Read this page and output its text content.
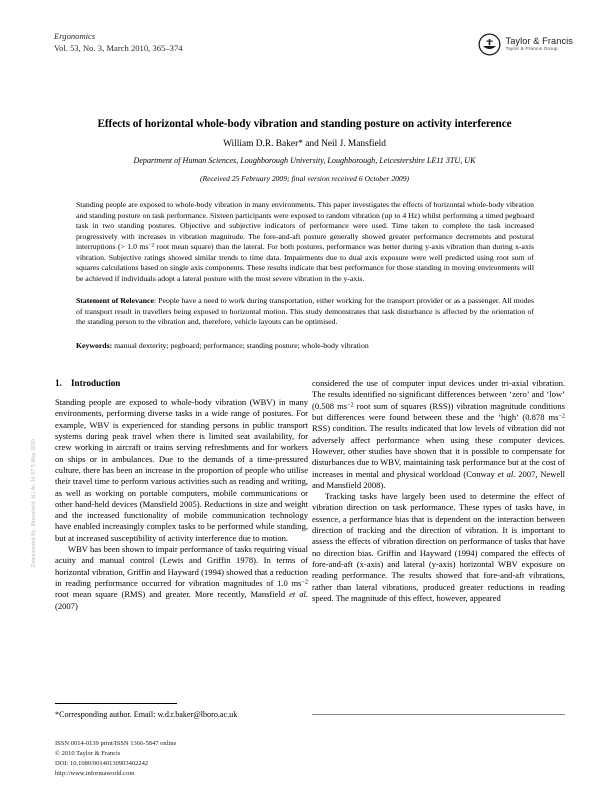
Downloaded By: [Mansfield, N.] At: 14:57 5 May 2010
Ergonomics
Vol. 53, No. 3, March 2010, 365–374
Taylor & Francis
Taylor & Francis Group
Effects of horizontal whole-body vibration and standing posture on activity interference
William D.R. Baker* and Neil J. Mansfield
Department of Human Sciences, Loughborough University, Loughborough, Leicestershire LE11 3TU, UK
(Received 25 February 2009; final version received 6 October 2009)

Standing people are exposed to whole-body vibration in many environments. This paper investigates the effects of horizontal whole-body vibration and standing posture on task performance. Sixteen participants were exposed to random vibration (up to 4 Hz) whilst performing a timed pegboard task in two standing postures. Objective and subjective indicators of performance were used. Time taken to complete the task increased progressively with increases in vibration magnitude. The fore-and-aft posture generally showed greater performance decrements and postural interruptions (> 1.0 $ms^{-2}$ root mean square) than the lateral. For both postures, performance was better during y-axis vibration than during x-axis vibration. Subjective ratings showed similar trends to time data. Impairments due to dual axis exposure were well predicted using root sum of squares calculations based on single axis components. These results indicate that best performance for those standing in moving environments will be achieved if individuals adopt a lateral posture with the most severe vibration in the y-axis.

Statement of Relevance: People have a need to work during transportation, either working for the transport provider or as a passenger. All modes of transport result in travellers being exposed to horizontal motion. This study demonstrates that task disturbance is affected by the orientation of the standing person to the vibration and, therefore, vehicle layouts can be optimised.

Keywords: manual dexterity; pegboard; performance; standing posture; whole-body vibration

1. Introduction

Standing people are exposed to whole-body vibration (WBV) in many environments, performing diverse tasks in a wide range of postures. For example, WBV is experienced for standing persons in public transport systems during peak travel when there is limited seat availability, for crew working in aircraft or trains serving refreshments and for workers on ships or in ambulances. Due to the demands of a time-pressured culture, there has been an increase in the proportion of people who utilise their travel time to perform various activities such as reading and writing, as well as working on portable computers, mobile communications or other hand-held devices (Mansfield 2005). Reductions in size and weight and the increased functionality of mobile communication technology have enabled increasingly complex tasks to be performed while standing, but at increased susceptibility of activity interference due to motion.

WBV has been shown to impair performance of tasks requiring visual acuity and manual control (Lewis and Griffin 1978). In terms of horizontal vibration, Griffin and Hayward (1994) showed that a reduction in reading performance occurred for vibration magnitudes of 1.0 $ms^{-2}$ root mean square (RMS) and greater. More recently, Mansfield et al. (2007)

considered the use of computer input devices under tri-axial vibration. The results identified no significant differences between ‘zero’ and ‘low’ (0.508 $ms^{-2}$ root sum of squares (RSS)) vibration magnitude conditions but differences were found between these and the ‘high’ (0.878 $ms^{-2}$ RSS) condition. The results indicated that low levels of vibration did not adversely affect performance when using these computer devices. However, other studies have shown that it is possible to compensate for disturbances due to WBV, maintaining task performance but at the cost of increases in mental and physical workload (Conway et al. 2007, Newell and Mansfield 2008).

Tracking tasks have largely been used to determine the effect of vibration direction on task performance. These types of tasks have, in essence, a performance bias that is dependent on the interaction between direction of tracking and the direction of vibration. It is important to assess the effects of vibration direction on performance of tasks that have no direction bias. Griffin and Hayward (1994) compared the effects of fore-and-aft (x-axis) and lateral (y-axis) horizontal WBV exposure on reading performance. The results showed that fore-and-aft vibrations, rather than lateral vibrations, produced greater reductions in reading speed. The magnitude of this effect, however, appeared

*Corresponding author. Email: w.d.r.baker@lboro.ac.uk
ISSN 0014-0139 print/ISSN 1366-5847 online
© 2010 Taylor & Francis
DOI: 10.1080/00140130903402242
http://www.informaworld.com
